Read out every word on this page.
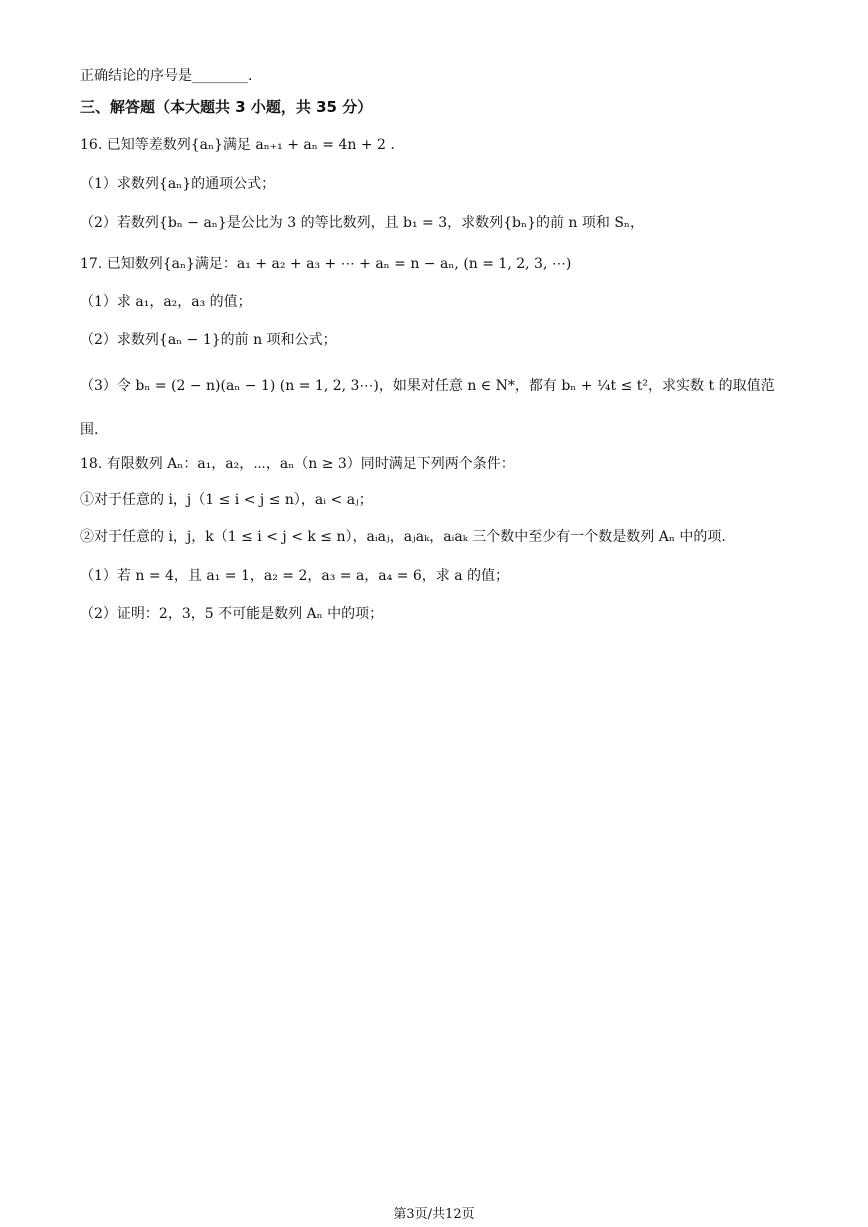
正确结论的序号是________.
三、解答题（本大题共 3 小题，共 35 分）
16. 已知等差数列{aₙ}满足 aₙ₊₁ + aₙ = 4n + 2 .
（1）求数列{aₙ}的通项公式；
（2）若数列{bₙ − aₙ}是公比为 3 的等比数列，且 b₁ = 3，求数列{bₙ}的前 n 项和 Sₙ，
17. 已知数列{aₙ}满足：a₁ + a₂ + a₃ + ⋯ + aₙ = n − aₙ, (n = 1, 2, 3, ⋯)
（1）求 a₁，a₂，a₃ 的值；
（2）求数列{aₙ − 1}的前 n 项和公式；
（3）令 bₙ = (2 − n)(aₙ − 1) (n = 1, 2, 3⋯)，如果对任意 n ∈ N*，都有 bₙ + ¼t ≤ t²，求实数 t 的取值范
围.
18. 有限数列 Aₙ：a₁，a₂，⋯，aₙ（n ≥ 3）同时满足下列两个条件：
①对于任意的 i，j（1 ≤ i < j ≤ n），aᵢ < aⱼ；
②对于任意的 i，j，k（1 ≤ i < j < k ≤ n），aᵢaⱼ，aⱼaₖ，aᵢaₖ 三个数中至少有一个数是数列 Aₙ 中的项.
（1）若 n = 4，且 a₁ = 1，a₂ = 2，a₃ = a，a₄ = 6，求 a 的值；
（2）证明：2，3，5 不可能是数列 Aₙ 中的项；
第3页/共12页
